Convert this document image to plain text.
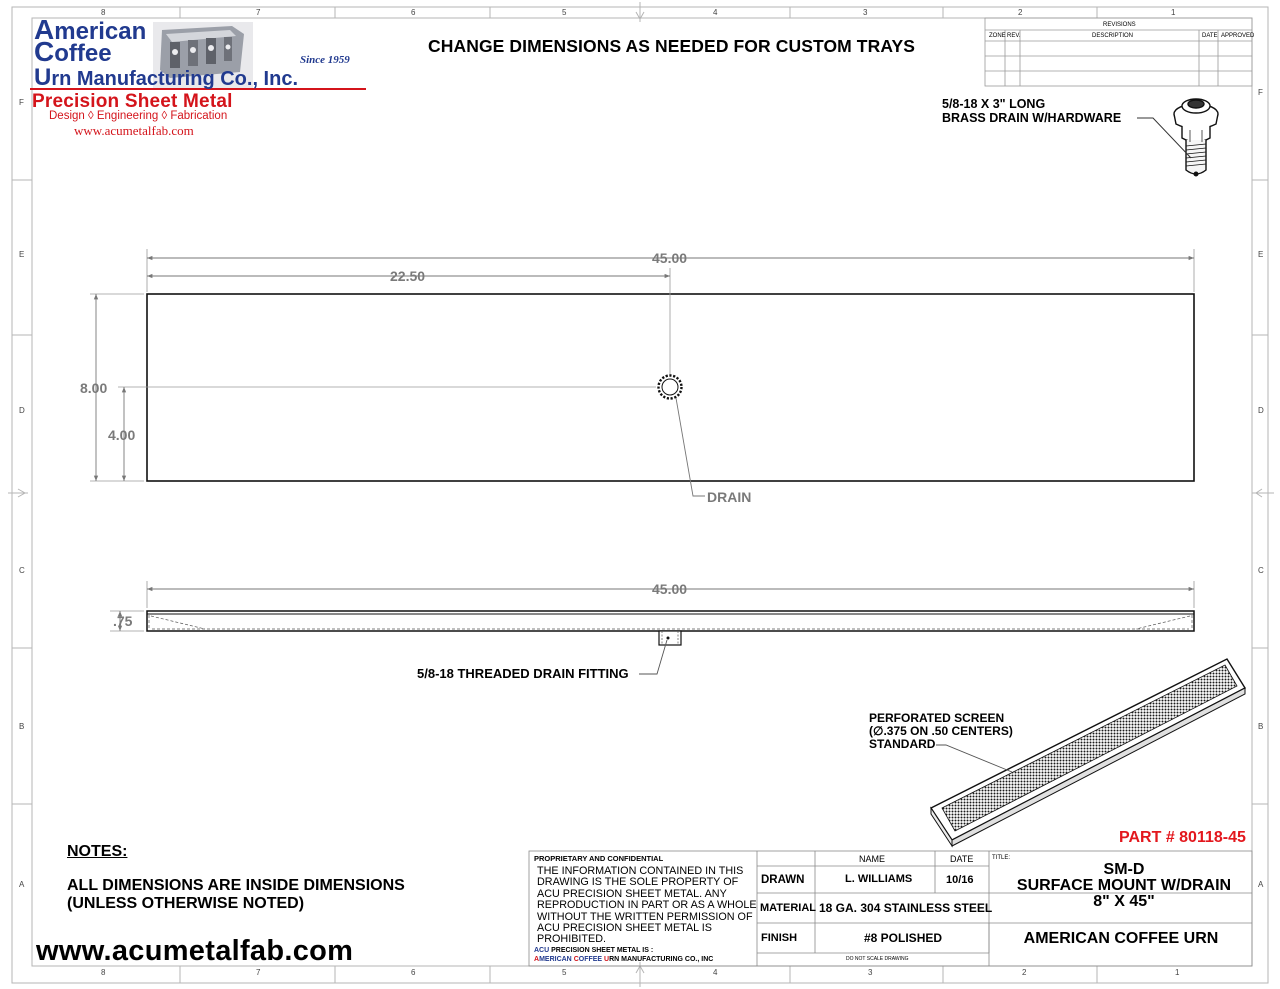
8	7	6	5	4	3	2	1
8	7	6	5	4	3	2	1
F
E
D
C
B
A
F
E
D
C
B
A
American
Coffee	Since 1959
Urn Manufacturing Co., Inc.
Precision Sheet Metal
Design ◊ Engineering ◊ Fabrication
www.acumetalfab.com
CHANGE DIMENSIONS AS NEEDED FOR CUSTOM TRAYS
REVISIONS
ZONE REV.	DESCRIPTION	DATE APPROVED
5/8-18 X 3" LONG
BRASS DRAIN W/HARDWARE
DRAIN
5/8-18 THREADED DRAIN FITTING
PERFORATED SCREEN
(∅.375 ON .50 CENTERS)
STANDARD
45.00
22.50
8.00
4.00
45.00
.75
PART # 80118-45
NOTES:
ALL DIMENSIONS ARE INSIDE DIMENSIONS
(UNLESS OTHERWISE NOTED)
www.acumetalfab.com
PROPRIETARY AND CONFIDENTIAL
THE INFORMATION CONTAINED IN THIS DRAWING IS THE SOLE PROPERTY OF ACU PRECISION SHEET METAL. ANY REPRODUCTION IN PART OR AS A WHOLE WITHOUT THE WRITTEN PERMISSION OF ACU PRECISION SHEET METAL IS PROHIBITED.
ACU PRECISION SHEET METAL IS :
AMERICAN COFFEE URN MANUFACTURING CO., INC
NAME	DATE	TITLE:
DRAWN	L. WILLIAMS	10/16
MATERIAL 18 GA. 304 STAINLESS STEEL
FINISH	#8 POLISHED
DO NOT SCALE DRAWING
SM-D
SURFACE MOUNT W/DRAIN
8" X 45"
AMERICAN COFFEE URN
